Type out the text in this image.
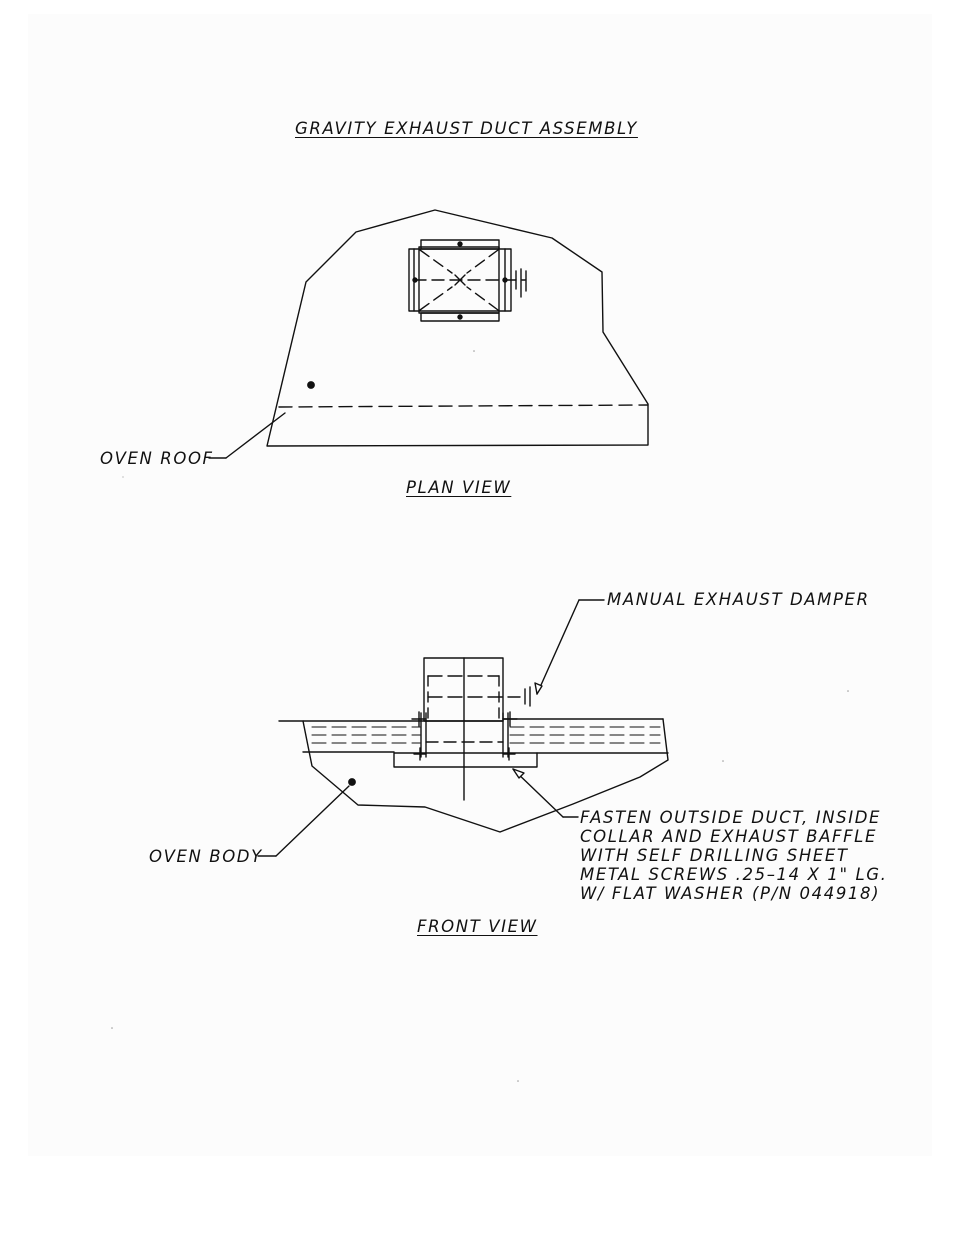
GRAVITY EXHAUST DUCT ASSEMBLY
OVEN ROOF
PLAN VIEW
MANUAL EXHAUST DAMPER
OVEN BODY
FASTEN OUTSIDE DUCT, INSIDE
COLLAR AND EXHAUST BAFFLE
WITH SELF DRILLING SHEET
METAL SCREWS .25–14 X 1" LG.
W/ FLAT WASHER (P/N 044918)
FRONT VIEW
